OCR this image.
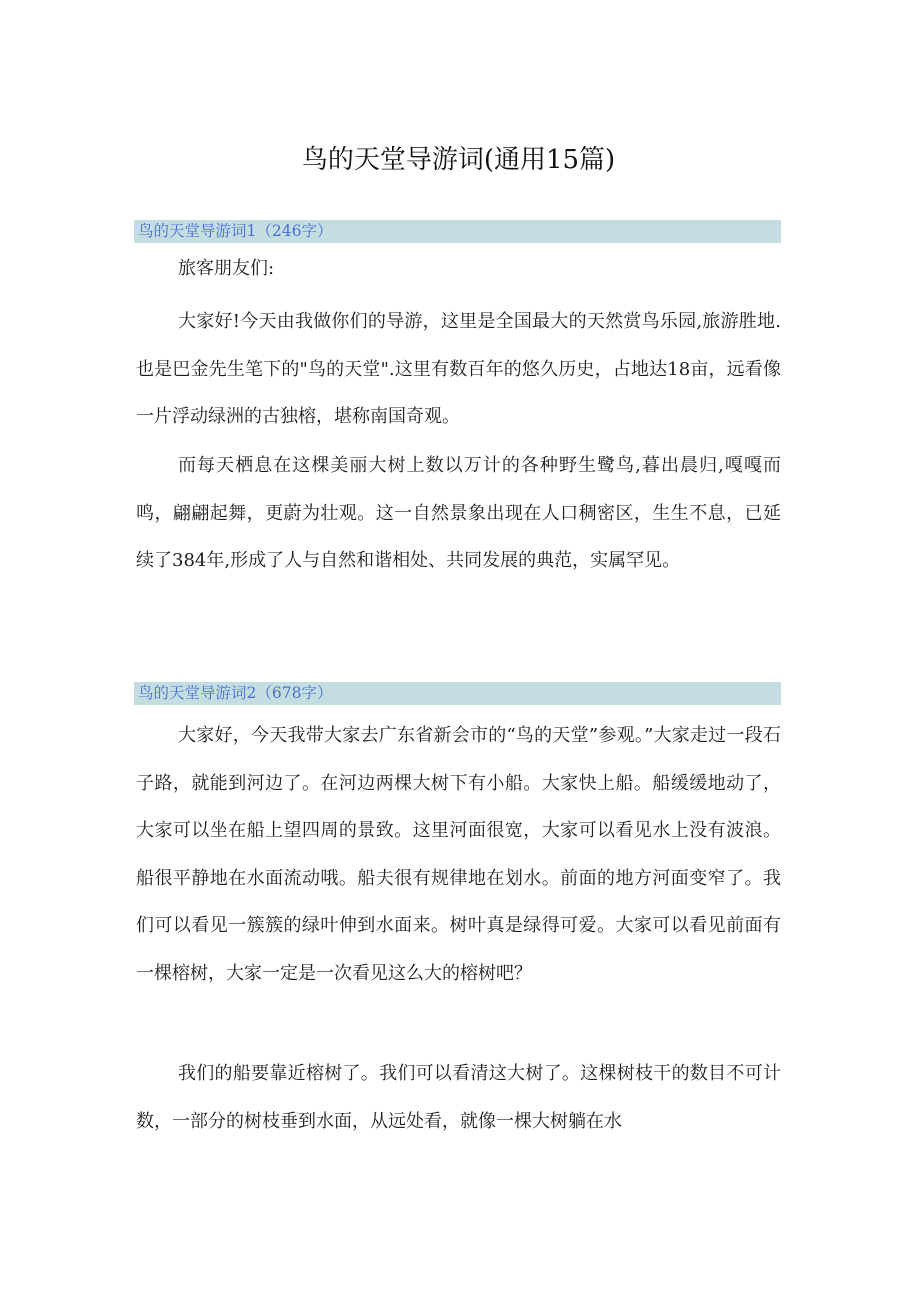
鸟的天堂导游词(通用15篇)
鸟的天堂导游词1（246字）

旅客朋友们:

大家好!今天由我做你们的导游，这里是全国最大的天然赏鸟乐园,旅游胜地.也是巴金先生笔下的"鸟的天堂".这里有数百年的悠久历史，占地达18亩，远看像一片浮动绿洲的古独榕，堪称南国奇观。

而每天栖息在这棵美丽大树上数以万计的各种野生鹭鸟,暮出晨归,嘎嘎而鸣，翩翩起舞，更蔚为壮观。这一自然景象出现在人口稠密区，生生不息，已延续了384年,形成了人与自然和谐相处、共同发展的典范，实属罕见。

鸟的天堂导游词2（678字）

大家好，今天我带大家去广东省新会市的“鸟的天堂”参观。”大家走过一段石子路，就能到河边了。在河边两棵大树下有小船。大家快上船。船缓缓地动了，大家可以坐在船上望四周的景致。这里河面很宽，大家可以看见水上没有波浪。船很平静地在水面流动哦。船夫很有规律地在划水。前面的地方河面变窄了。我们可以看见一簇簇的绿叶伸到水面来。树叶真是绿得可爱。大家可以看见前面有一棵榕树，大家一定是一次看见这么大的榕树吧？

我们的船要靠近榕树了。我们可以看清这大树了。这棵树枝干的数目不可计数，一部分的树枝垂到水面，从远处看，就像一棵大树躺在水
